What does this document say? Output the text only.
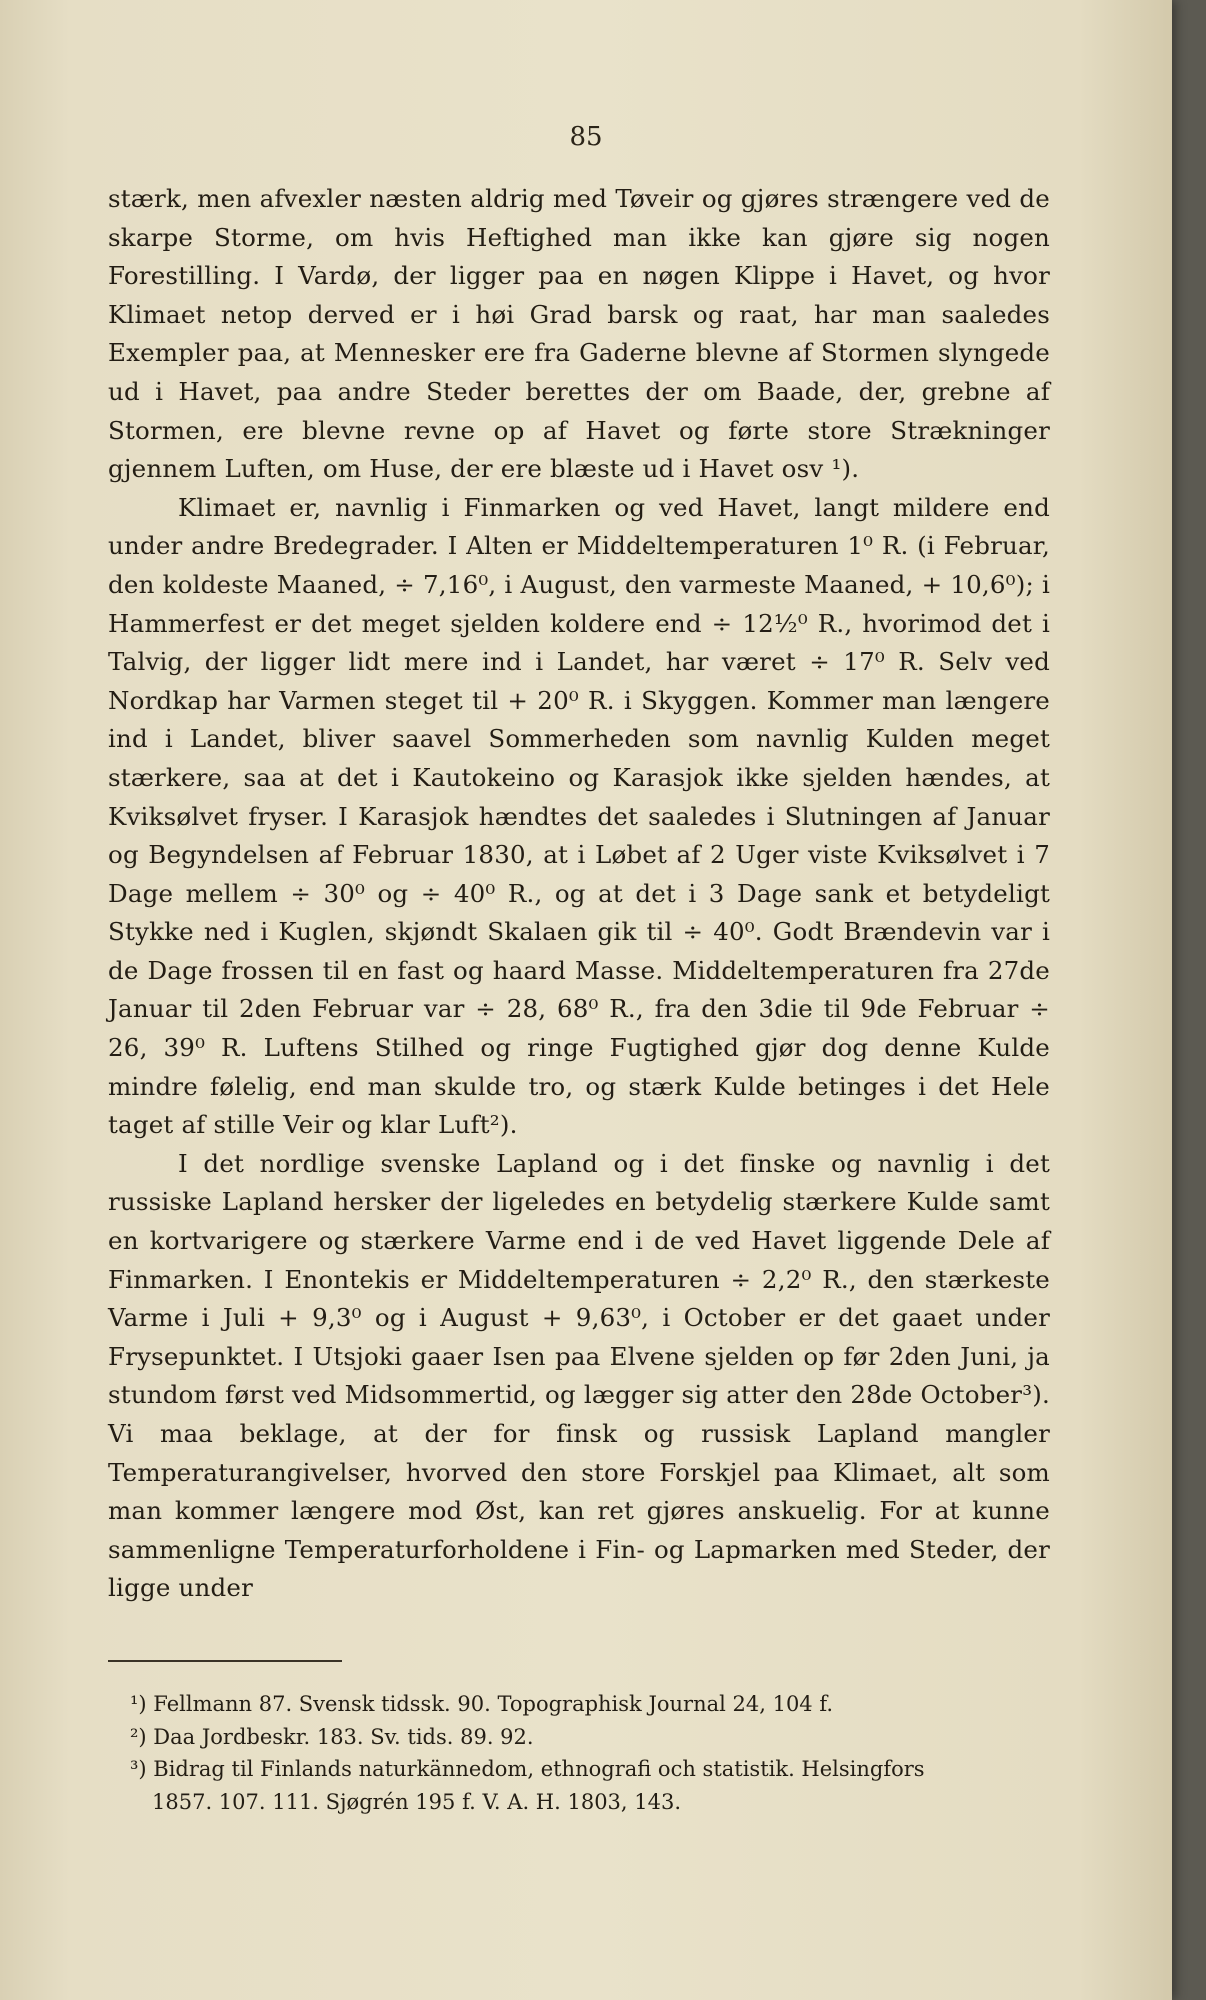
85

stærk, men afvexler næsten aldrig med Tøveir og gjøres strængere ved de skarpe Storme, om hvis Heftighed man ikke kan gjøre sig nogen Forestilling. I Vardø, der ligger paa en nøgen Klippe i Havet, og hvor Klimaet netop derved er i høi Grad barsk og raat, har man saaledes Exempler paa, at Mennesker ere fra Gaderne blevne af Stormen slyngede ud i Havet, paa andre Steder berettes der om Baade, der, grebne af Stormen, ere blevne revne op af Havet og førte store Strækninger gjennem Luften, om Huse, der ere blæste ud i Havet osv ¹).

Klimaet er, navnlig i Finmarken og ved Havet, langt mildere end under andre Bredegrader. I Alten er Middeltemperaturen 1⁰ R. (i Februar, den koldeste Maaned, ÷ 7,16⁰, i August, den varmeste Maaned, + 10,6⁰); i Hammerfest er det meget sjelden koldere end ÷ 12½⁰ R., hvorimod det i Talvig, der ligger lidt mere ind i Landet, har været ÷ 17⁰ R. Selv ved Nordkap har Varmen steget til + 20⁰ R. i Skyggen. Kommer man længere ind i Landet, bliver saavel Sommerheden som navnlig Kulden meget stærkere, saa at det i Kautokeino og Karasjok ikke sjelden hændes, at Kviksølvet fryser. I Karasjok hændtes det saaledes i Slutningen af Januar og Begyndelsen af Februar 1830, at i Løbet af 2 Uger viste Kviksølvet i 7 Dage mellem ÷ 30⁰ og ÷ 40⁰ R., og at det i 3 Dage sank et betydeligt Stykke ned i Kuglen, skjøndt Skalaen gik til ÷ 40⁰. Godt Brændevin var i de Dage frossen til en fast og haard Masse. Middeltemperaturen fra 27de Januar til 2den Februar var ÷ 28, 68⁰ R., fra den 3die til 9de Februar ÷ 26, 39⁰ R. Luftens Stilhed og ringe Fugtighed gjør dog denne Kulde mindre følelig, end man skulde tro, og stærk Kulde betinges i det Hele taget af stille Veir og klar Luft²).

I det nordlige svenske Lapland og i det finske og navnlig i det russiske Lapland hersker der ligeledes en betydelig stærkere Kulde samt en kortvarigere og stærkere Varme end i de ved Havet liggende Dele af Finmarken. I Enontekis er Middeltemperaturen ÷ 2,2⁰ R., den stærkeste Varme i Juli + 9,3⁰ og i August + 9,63⁰, i October er det gaaet under Frysepunktet. I Utsjoki gaaer Isen paa Elvene sjelden op før 2den Juni, ja stundom først ved Midsommertid, og lægger sig atter den 28de October³). Vi maa beklage, at der for finsk og russisk Lapland mangler Temperaturangivelser, hvorved den store Forskjel paa Klimaet, alt som man kommer længere mod Øst, kan ret gjøres anskuelig. For at kunne sammenligne Temperaturforholdene i Fin- og Lapmarken med Steder, der ligge under

¹) Fellmann 87. Svensk tidssk. 90. Topographisk Journal 24, 104 f.

²) Daa Jordbeskr. 183. Sv. tids. 89. 92.

³) Bidrag til Finlands naturkännedom, ethnografi och statistik. Helsingfors

1857. 107. 111. Sjøgrén 195 f. V. A. H. 1803, 143.
